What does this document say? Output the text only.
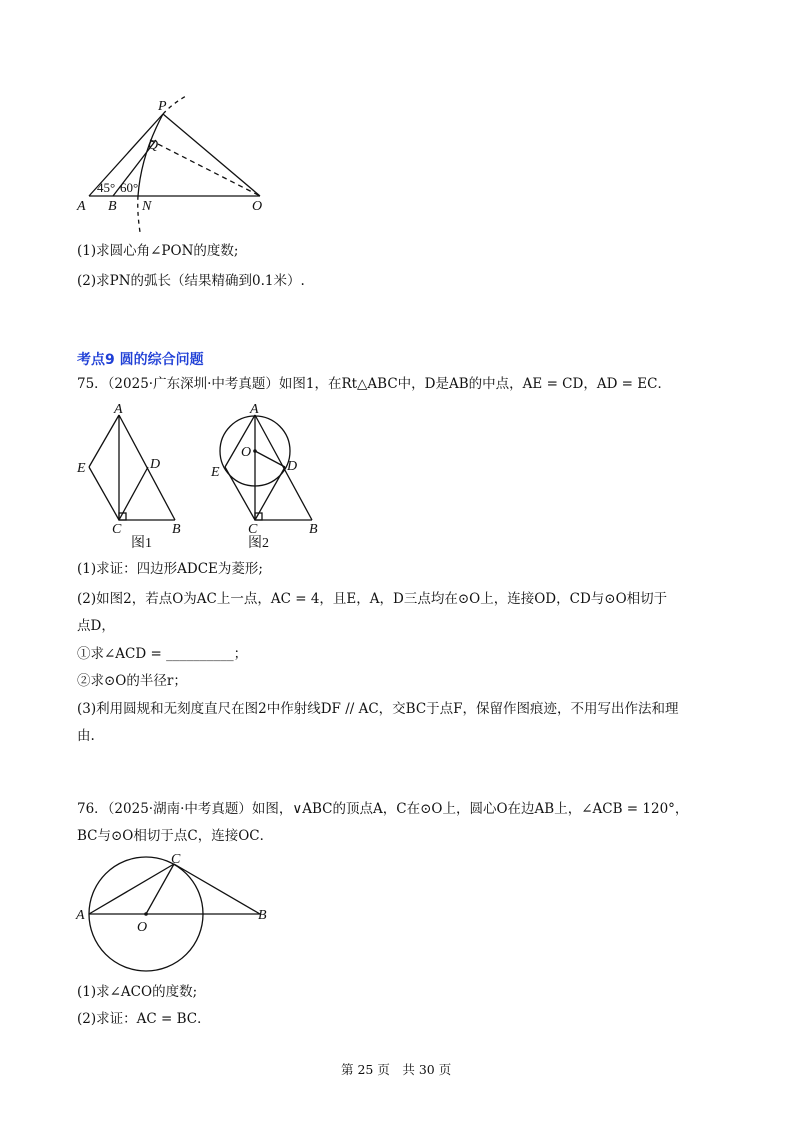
P
Q
A B N	O
45° 60°
(1)求圆心角∠PON的度数;
(2)求PN的弧长（结果精确到0.1米）.
考点9 圆的综合问题
75．（2025·广东深圳·中考真题）如图1，在Rt△ABC中，D是AB的中点，AE = CD，AD = EC．
A
E	D
C	B
图1
A
O
E	D
C	B
图2
(1)求证：四边形ADCE为菱形;
(2)如图2，若点O为AC上一点，AC = 4，且E，A，D三点均在⊙O上，连接OD，CD与⊙O相切于
点D，
①求∠ACD = __________；
②求⊙O的半径r；
(3)利用圆规和无刻度直尺在图2中作射线DF // AC，交BC于点F，保留作图痕迹，不用写出作法和理
由.
76．（2025·湖南·中考真题）如图，∨ABC的顶点A，C在⊙O上，圆心O在边AB上，∠ACB = 120°，
BC与⊙O相切于点C，连接OC．
A
C
O
B
(1)求∠ACO的度数;
(2)求证：AC = BC．
第 25 页　共 30 页
